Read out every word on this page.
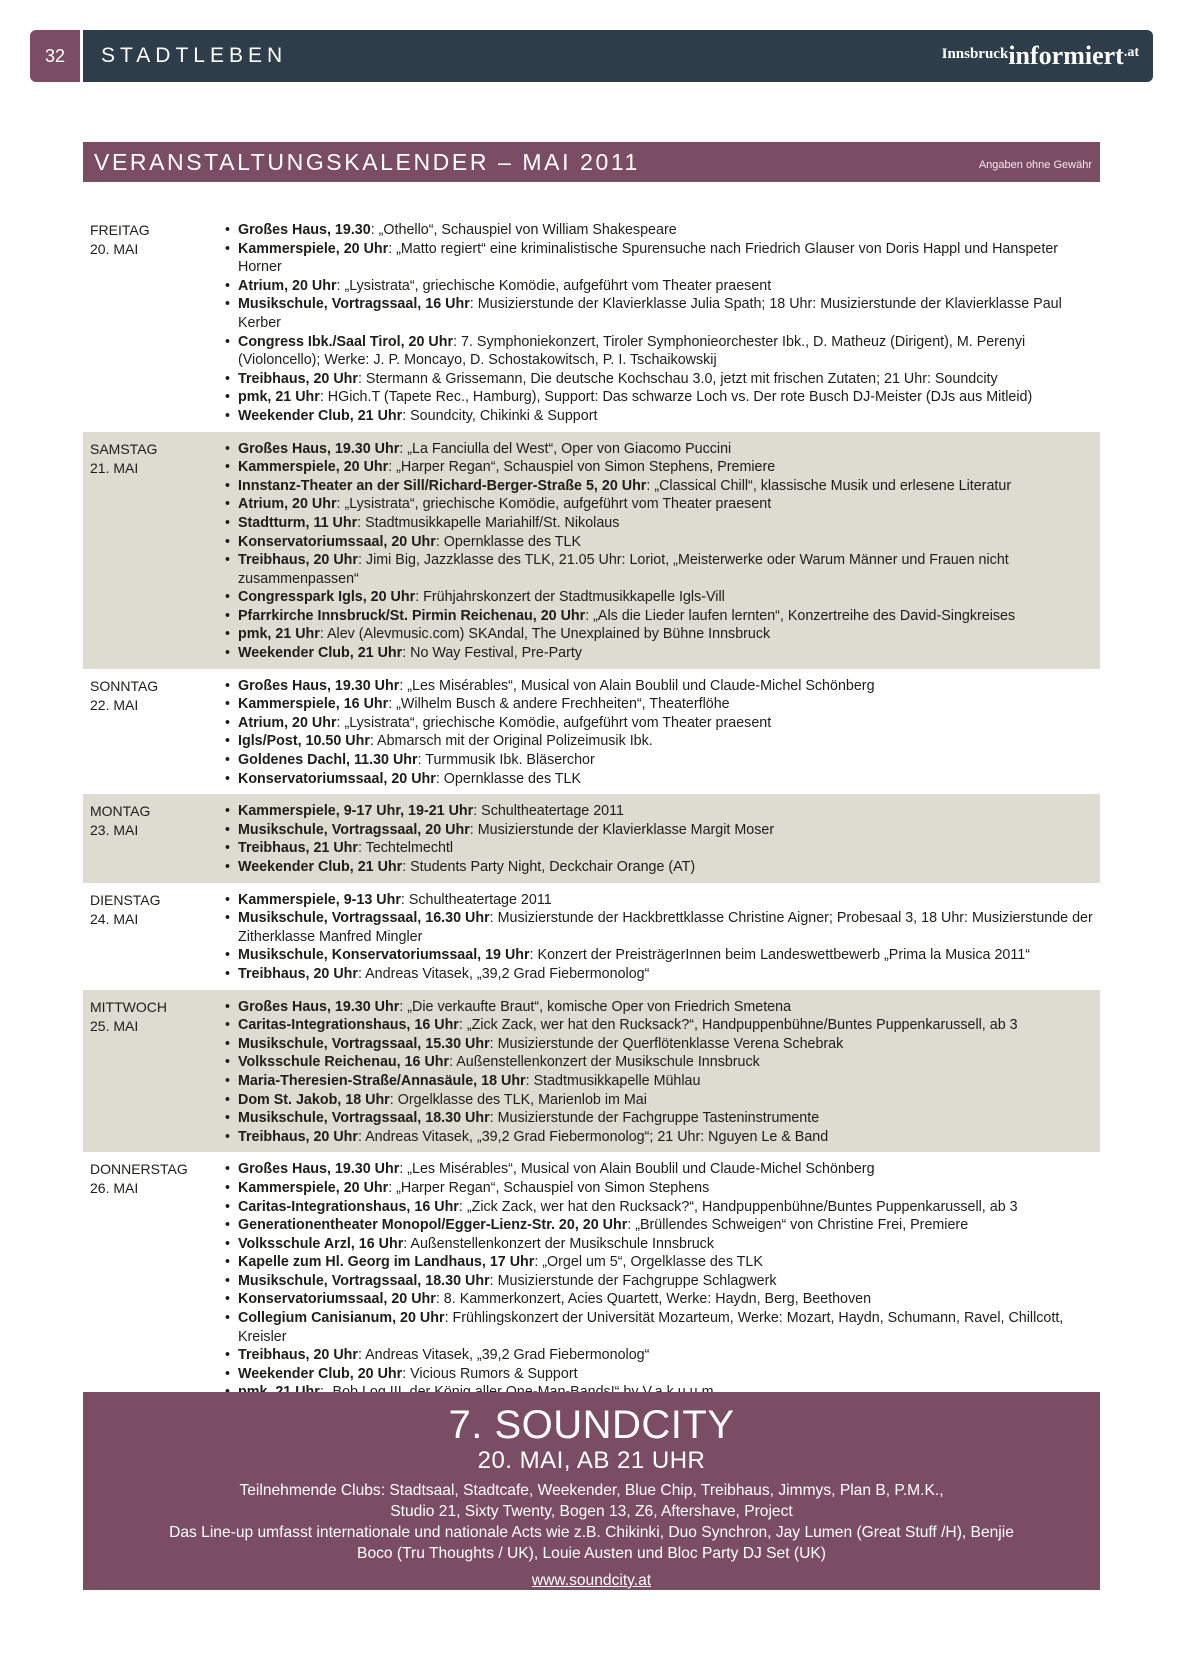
32	STADTLEBEN	Innsbruck informiert .at
VERANSTALTUNGSKALENDER – MAI 2011	Angaben ohne Gewähr
FREITAG
20. MAI
• Großes Haus, 19.30: „Othello“, Schauspiel von William Shakespeare
• Kammerspiele, 20 Uhr: „Matto regiert“ eine kriminalistische Spurensuche nach Friedrich Glauser von Doris Happl und Hanspeter Horner
• Atrium, 20 Uhr: „Lysistrata“, griechische Komödie, aufgeführt vom Theater praesent
• Musikschule, Vortragssaal, 16 Uhr: Musizierstunde der Klavierklasse Julia Spath; 18 Uhr: Musizierstunde der Klavierklasse Paul Kerber
• Congress Ibk./Saal Tirol, 20 Uhr: 7. Symphoniekonzert, Tiroler Symphonieorchester Ibk., D. Matheuz (Dirigent), M. Perenyi (Violoncello); Werke: J. P. Moncayo, D. Schostakowitsch, P. I. Tschaikowskij
• Treibhaus, 20 Uhr: Stermann & Grissemann, Die deutsche Kochschau 3.0, jetzt mit frischen Zutaten; 21 Uhr: Soundcity
• pmk, 21 Uhr: HGich.T (Tapete Rec., Hamburg), Support: Das schwarze Loch vs. Der rote Busch DJ-Meister (DJs aus Mitleid)
• Weekender Club, 21 Uhr: Soundcity, Chikinki & Support
SAMSTAG
21. MAI
• Großes Haus, 19.30 Uhr: „La Fanciulla del West“, Oper von Giacomo Puccini
• Kammerspiele, 20 Uhr: „Harper Regan“, Schauspiel von Simon Stephens, Premiere
• Innstanz-Theater an der Sill/Richard-Berger-Straße 5, 20 Uhr: „Classical Chill“, klassische Musik und erlesene Literatur
• Atrium, 20 Uhr: „Lysistrata“, griechische Komödie, aufgeführt vom Theater praesent
• Stadtturm, 11 Uhr: Stadtmusikkapelle Mariahilf/St. Nikolaus
• Konservatoriumssaal, 20 Uhr: Opernklasse des TLK
• Treibhaus, 20 Uhr: Jimi Big, Jazzklasse des TLK, 21.05 Uhr: Loriot, „Meisterwerke oder Warum Männer und Frauen nicht zusammenpassen“
• Congresspark Igls, 20 Uhr: Frühjahrskonzert der Stadtmusikkapelle Igls-Vill
• Pfarrkirche Innsbruck/St. Pirmin Reichenau, 20 Uhr: „Als die Lieder laufen lernten“, Konzertreihe des David-Singkreises
• pmk, 21 Uhr: Alev (Alevmusic.com) SKAndal, The Unexplained by Bühne Innsbruck
• Weekender Club, 21 Uhr: No Way Festival, Pre-Party
SONNTAG
22. MAI
• Großes Haus, 19.30 Uhr: „Les Misérables“, Musical von Alain Boublil und Claude-Michel Schönberg
• Kammerspiele, 16 Uhr: „Wilhelm Busch & andere Frechheiten“, Theaterflöhe
• Atrium, 20 Uhr: „Lysistrata“, griechische Komödie, aufgeführt vom Theater praesent
• Igls/Post, 10.50 Uhr: Abmarsch mit der Original Polizeimusik Ibk.
• Goldenes Dachl, 11.30 Uhr: Turmmusik Ibk. Bläserchor
• Konservatoriumssaal, 20 Uhr: Opernklasse des TLK
MONTAG
23. MAI
• Kammerspiele, 9-17 Uhr, 19-21 Uhr: Schultheatertage 2011
• Musikschule, Vortragssaal, 20 Uhr: Musizierstunde der Klavierklasse Margit Moser
• Treibhaus, 21 Uhr: Techtelmechtl
• Weekender Club, 21 Uhr: Students Party Night, Deckchair Orange (AT)
DIENSTAG
24. MAI
• Kammerspiele, 9-13 Uhr: Schultheatertage 2011
• Musikschule, Vortragssaal, 16.30 Uhr: Musizierstunde der Hackbrettklasse Christine Aigner; Probesaal 3, 18 Uhr: Musizierstunde der Zitherklasse Manfred Mingler
• Musikschule, Konservatoriumssaal, 19 Uhr: Konzert der PreisträgerInnen beim Landeswettbewerb „Prima la Musica 2011“
• Treibhaus, 20 Uhr: Andreas Vitasek, „39,2 Grad Fiebermonolog“
MITTWOCH
25. MAI
• Großes Haus, 19.30 Uhr: „Die verkaufte Braut“, komische Oper von Friedrich Smetena
• Caritas-Integrationshaus, 16 Uhr: „Zick Zack, wer hat den Rucksack?“, Handpuppenbühne/Buntes Puppenkarussell, ab 3
• Musikschule, Vortragssaal, 15.30 Uhr: Musizierstunde der Querflötenklasse Verena Schebrak
• Volksschule Reichenau, 16 Uhr: Außenstellenkonzert der Musikschule Innsbruck
• Maria-Theresien-Straße/Annasäule, 18 Uhr: Stadtmusikkapelle Mühlau
• Dom St. Jakob, 18 Uhr: Orgelklasse des TLK, Marienlob im Mai
• Musikschule, Vortragssaal, 18.30 Uhr: Musizierstunde der Fachgruppe Tasteninstrumente
• Treibhaus, 20 Uhr: Andreas Vitasek, „39,2 Grad Fiebermonolog“; 21 Uhr: Nguyen Le & Band
DONNERSTAG
26. MAI
• Großes Haus, 19.30 Uhr: „Les Misérables“, Musical von Alain Boublil und Claude-Michel Schönberg
• Kammerspiele, 20 Uhr: „Harper Regan“, Schauspiel von Simon Stephens
• Caritas-Integrationshaus, 16 Uhr: „Zick Zack, wer hat den Rucksack?“, Handpuppenbühne/Buntes Puppenkarussell, ab 3
• Generationentheater Monopol/Egger-Lienz-Str. 20, 20 Uhr: „Brüllendes Schweigen“ von Christine Frei, Premiere
• Volksschule Arzl, 16 Uhr: Außenstellenkonzert der Musikschule Innsbruck
• Kapelle zum Hl. Georg im Landhaus, 17 Uhr: „Orgel um 5“, Orgelklasse des TLK
• Musikschule, Vortragssaal, 18.30 Uhr: Musizierstunde der Fachgruppe Schlagwerk
• Konservatoriumssaal, 20 Uhr: 8. Kammerkonzert, Acies Quartett, Werke: Haydn, Berg, Beethoven
• Collegium Canisianum, 20 Uhr: Frühlingskonzert der Universität Mozarteum, Werke: Mozart, Haydn, Schumann, Ravel, Chillcott, Kreisler
• Treibhaus, 20 Uhr: Andreas Vitasek, „39,2 Grad Fiebermonolog“
• Weekender Club, 20 Uhr: Vicious Rumors & Support
•
7. SOUNDCITY
20. MAI, AB 21 UHR
Teilnehmende Clubs: Stadtsaal, Stadtcafe, Weekender, Blue Chip, Treibhaus, Jimmys, Plan B, P.M.K., Studio 21, Sixty Twenty, Bogen 13, Z6, Aftershave, Project
Das Line-up umfasst internationale und nationale Acts wie z.B. Chikinki, Duo Synchron, Jay Lumen (Great Stuff /H), Benjie Boco (Tru Thoughts / UK), Louie Austen und Bloc Party DJ Set (UK)
www.soundcity.at
